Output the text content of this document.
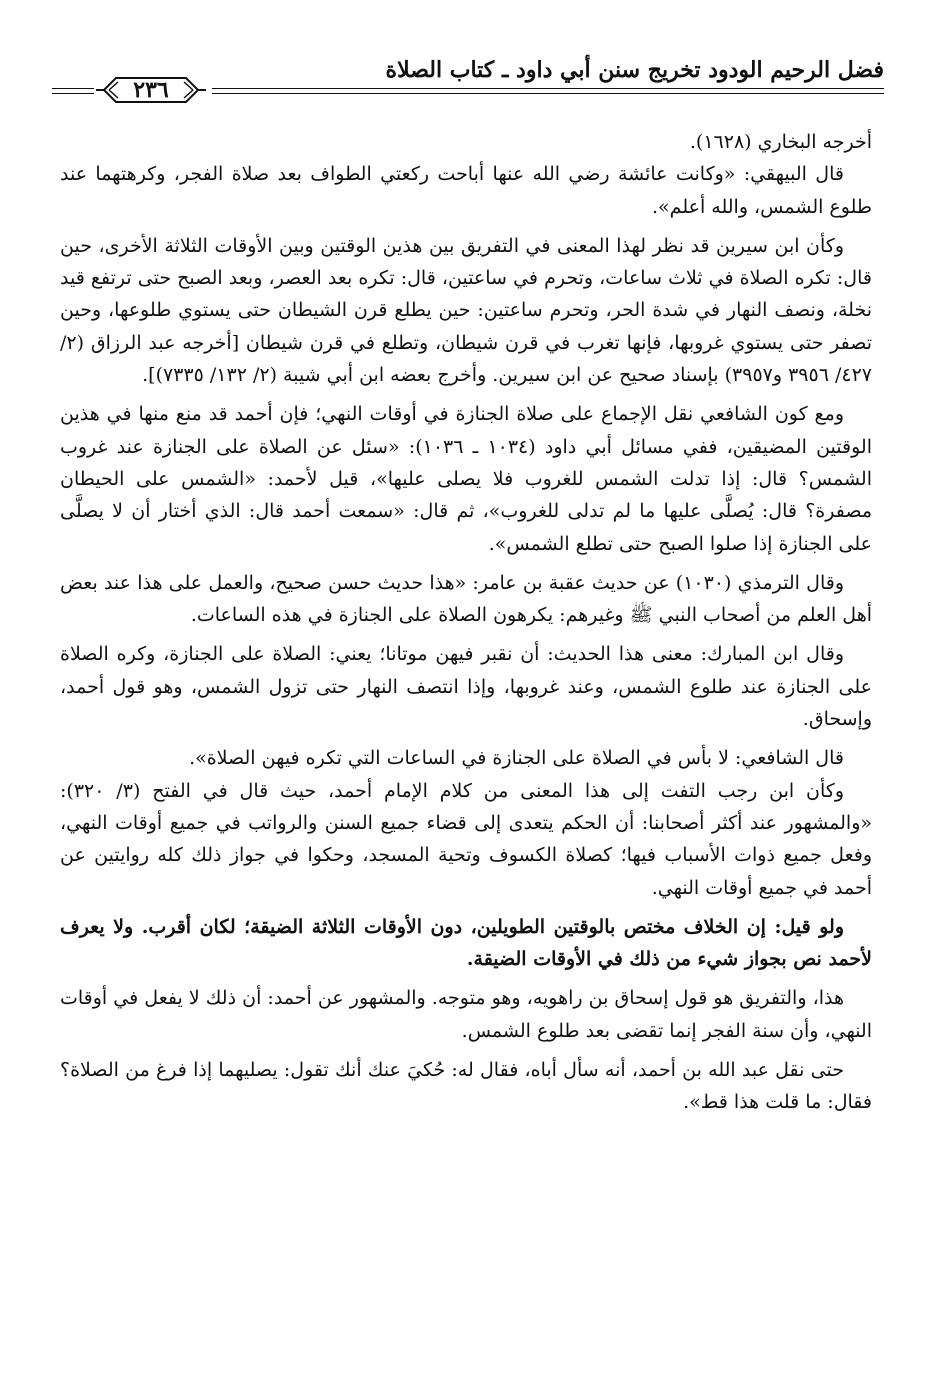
فضل الرحيم الودود تخريج سنن أبي داود ـ كتاب الصلاة
٢٣٦

أخرجه البخاري (١٦٢٨).

قال البيهقي: «وكانت عائشة رضي الله عنها أباحت ركعتي الطواف بعد صلاة الفجر، وكرهتهما عند طلوع الشمس، والله أعلم».

وكأن ابن سيرين قد نظر لهذا المعنى في التفريق بين هذين الوقتين وبين الأوقات الثلاثة الأخرى، حين قال: تكره الصلاة في ثلاث ساعات، وتحرم في ساعتين، قال: تكره بعد العصر، وبعد الصبح حتى ترتفع قيد نخلة، ونصف النهار في شدة الحر، وتحرم ساعتين: حين يطلع قرن الشيطان حتى يستوي طلوعها، وحين تصفر حتى يستوي غروبها، فإنها تغرب في قرن شيطان، وتطلع في قرن شيطان [أخرجه عبد الرزاق (٢/ ٤٢٧/ ٣٩٥٦ و٣٩٥٧) بإسناد صحيح عن ابن سيرين. وأخرج بعضه ابن أبي شيبة (٢/ ١٣٢/ ٧٣٣٥)].

ومع كون الشافعي نقل الإجماع على صلاة الجنازة في أوقات النهي؛ فإن أحمد قد منع منها في هذين الوقتين المضيقين، ففي مسائل أبي داود (١٠٣٤ ـ ١٠٣٦): «سئل عن الصلاة على الجنازة عند غروب الشمس؟ قال: إذا تدلت الشمس للغروب فلا يصلى عليها»، قيل لأحمد: «الشمس على الحيطان مصفرة؟ قال: يُصلَّى عليها ما لم تدلى للغروب»، ثم قال: «سمعت أحمد قال: الذي أختار أن لا يصلَّى على الجنازة إذا صلوا الصبح حتى تطلع الشمس».

وقال الترمذي (١٠٣٠) عن حديث عقبة بن عامر: «هذا حديث حسن صحيح، والعمل على هذا عند بعض أهل العلم من أصحاب النبي ﷺ وغيرهم: يكرهون الصلاة على الجنازة في هذه الساعات.

وقال ابن المبارك: معنى هذا الحديث: أن نقبر فيهن موتانا؛ يعني: الصلاة على الجنازة، وكره الصلاة على الجنازة عند طلوع الشمس، وعند غروبها، وإذا انتصف النهار حتى تزول الشمس، وهو قول أحمد، وإسحاق.

قال الشافعي: لا بأس في الصلاة على الجنازة في الساعات التي تكره فيهن الصلاة».

وكأن ابن رجب التفت إلى هذا المعنى من كلام الإمام أحمد، حيث قال في الفتح (٣/ ٣٢٠): «والمشهور عند أكثر أصحابنا: أن الحكم يتعدى إلى قضاء جميع السنن والرواتب في جميع أوقات النهي، وفعل جميع ذوات الأسباب فيها؛ كصلاة الكسوف وتحية المسجد، وحكوا في جواز ذلك كله روايتين عن أحمد في جميع أوقات النهي.

ولو قيل: إن الخلاف مختص بالوقتين الطويلين، دون الأوقات الثلاثة الضيقة؛ لكان أقرب. ولا يعرف لأحمد نص بجواز شيء من ذلك في الأوقات الضيقة.

هذا، والتفريق هو قول إسحاق بن راهويه، وهو متوجه. والمشهور عن أحمد: أن ذلك لا يفعل في أوقات النهي، وأن سنة الفجر إنما تقضى بعد طلوع الشمس.

حتى نقل عبد الله بن أحمد، أنه سأل أباه، فقال له: حُكيَ عنك أنك تقول: يصليهما إذا فرغ من الصلاة؟ فقال: ما قلت هذا قط».
